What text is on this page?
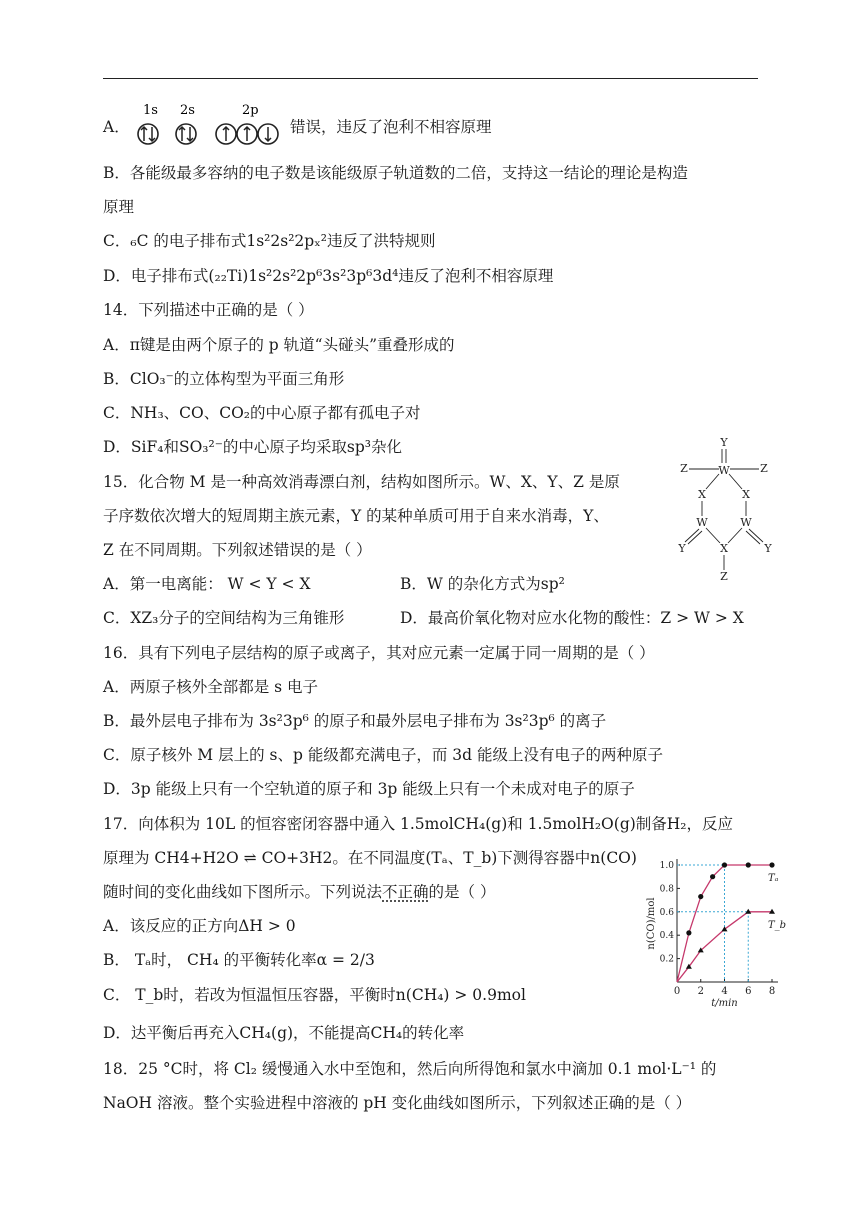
A．
1s 2s	2p
错误，违反了泡利不相容原理
B．各能级最多容纳的电子数是该能级原子轨道数的二倍，支持这一结论的理论是构造
原理
C．₆C 的电子排布式1s²2s²2pₓ²违反了洪特规则
D．电子排布式(₂₂Ti)1s²2s²2p⁶3s²3p⁶3d⁴违反了泡利不相容原理
14．下列描述中正确的是（ ）
A．π键是由两个原子的 p 轨道“头碰头”重叠形成的
B．ClO₃⁻的立体构型为平面三角形
C．NH₃、CO、CO₂的中心原子都有孤电子对
D．SiF₄和SO₃²⁻的中心原子均采取sp³杂化
15．化合物 M 是一种高效消毒漂白剂，结构如图所示。W、X、Y、Z 是原
子序数依次增大的短周期主族元素，Y 的某种单质可用于自来水消毒，Y、
Z 在不同周期。下列叙述错误的是（ ）
A．第一电离能： W < Y < X	B．W 的杂化方式为sp²
C．XZ₃分子的空间结构为三角锥形	D．最高价氧化物对应水化物的酸性：Z > W > X
Y
W
Z	Z
X	X
W	W
Y	Y
X
Z
16．具有下列电子层结构的原子或离子，其对应元素一定属于同一周期的是（ ）
A．两原子核外全部都是 s 电子
B．最外层电子排布为 3s²3p⁶ 的原子和最外层电子排布为 3s²3p⁶ 的离子
C．原子核外 M 层上的 s、p 能级都充满电子，而 3d 能级上没有电子的两种原子
D．3p 能级上只有一个空轨道的原子和 3p 能级上只有一个未成对电子的原子
17．向体积为 10L 的恒容密闭容器中通入 1.5molCH₄(g)和 1.5molH₂O(g)制备H₂，反应
原理为 CH4+H2O ⇌ CO+3H2。在不同温度(Tₐ、T_b)下测得容器中n(CO)
随时间的变化曲线如下图所示。下列说法不正确的是（ ）
A．该反应的正方向ΔH > 0
B． Tₐ时， CH₄ 的平衡转化率α = 2/3
C． T_b时，若改为恒温恒压容器，平衡时n(CH₄) > 0.9mol
D．达平衡后再充入CH₄(g)，不能提高CH₄的转化率
18．25 °C时，将 Cl₂ 缓慢通入水中至饱和，然后向所得饱和氯水中滴加 0.1 mol·L⁻¹ 的
NaOH 溶液。整个实验进程中溶液的 pH 变化曲线如图所示，下列叙述正确的是（ ）
0 2 4 6 8
0.2
0.4
0.6
0.8
1.0
t/min
n(CO)/mol
Tₐ
T_b
